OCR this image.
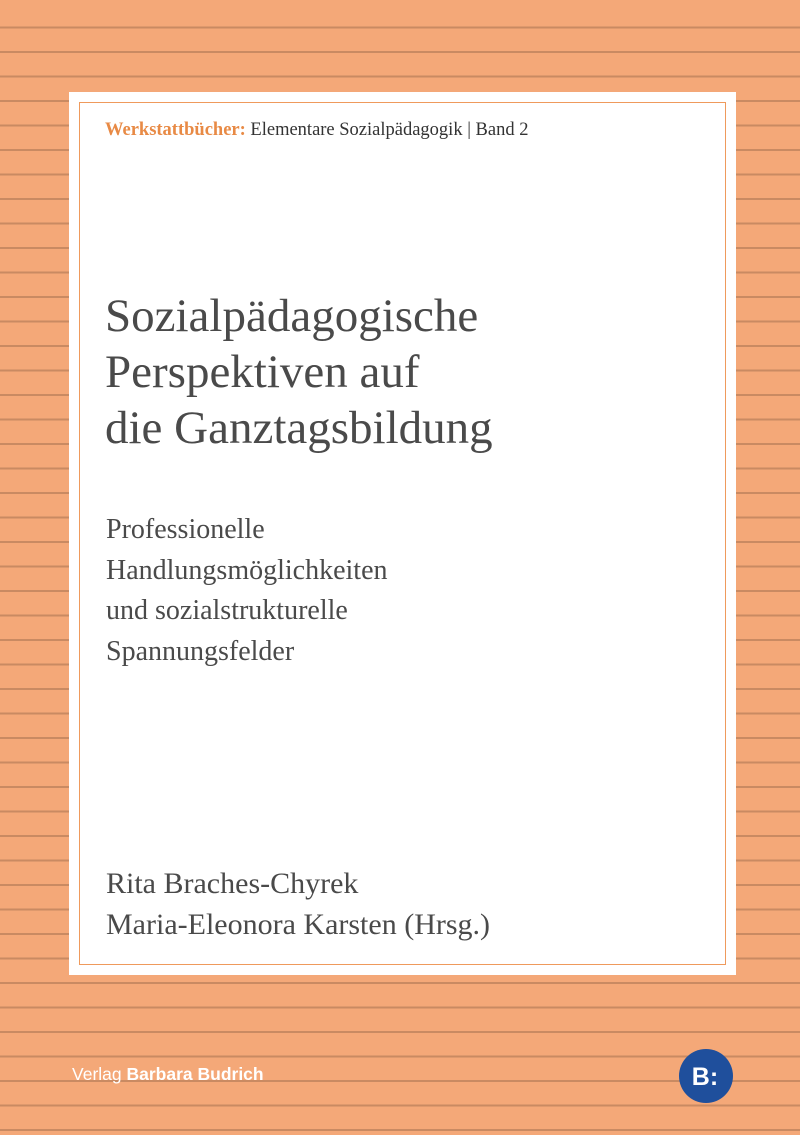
Werkstattbücher: Elementare Sozialpädagogik | Band 2
Sozialpädagogische
Perspektiven auf
die Ganztagsbildung
Professionelle
Handlungsmöglichkeiten
und sozialstrukturelle
Spannungsfelder

Rita Braches-Chyrek
Maria-Eleonora Karsten (Hrsg.)

Verlag Barbara Budrich	B:
